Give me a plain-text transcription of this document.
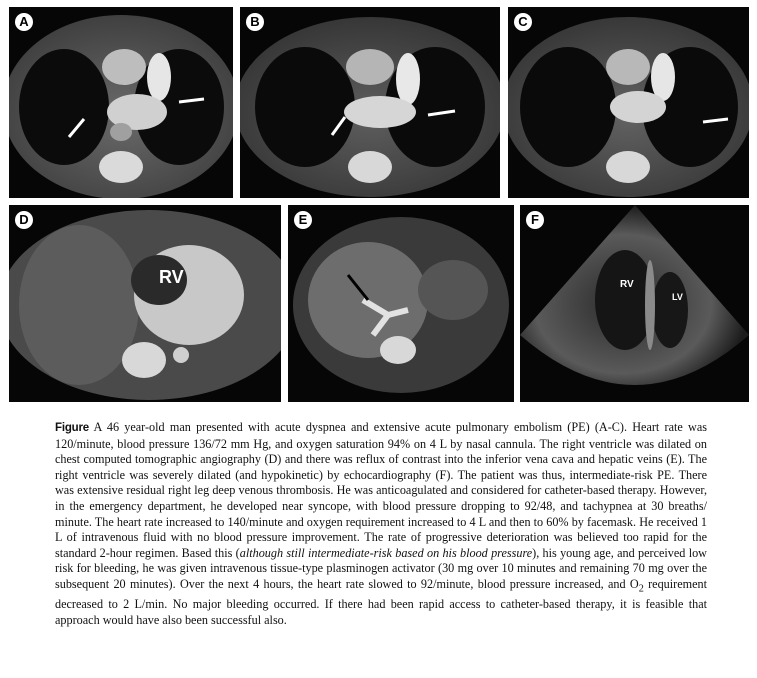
A	B	C
D
RV
E	F
RV
LV
Figure A 46 year-old man presented with acute dyspnea and extensive acute pulmonary embolism (PE) (A-C). Heart rate was 120/minute, blood pressure 136/72 mm Hg, and oxygen saturation 94% on 4 L by nasal cannula. The right ventricle was dilated on chest computed tomographic angiography (D) and there was reflux of contrast into the inferior vena cava and hepatic veins (E). The right ventricle was severely dilated (and hypokinetic) by echocardiography (F). The patient was thus, intermediate-risk PE. There was extensive residual right leg deep venous thrombosis. He was anticoagulated and considered for catheter-based therapy. However, in the emergency department, he developed near syncope, with blood pressure dropping to 92/48, and tachypnea at 30 breaths/ minute. The heart rate increased to 140/minute and oxygen requirement increased to 4 L and then to 60% by facemask. He received 1 L of intravenous fluid with no blood pressure improvement. The rate of progressive deterioration was believed too rapid for the standard 2-hour regimen. Based this (although still intermediate-risk based on his blood pressure), his young age, and perceived low risk for bleeding, he was given intravenous tissue-type plasminogen activator (30 mg over 10 minutes and remaining 70 mg over the subsequent 20 minutes). Over the next 4 hours, the heart rate slowed to 92/minute, blood pressure increased, and $O_2$ requirement decreased to 2 L/min. No major bleeding occurred. If there had been rapid access to catheter-based therapy, it is feasible that approach would have also been successful also.
